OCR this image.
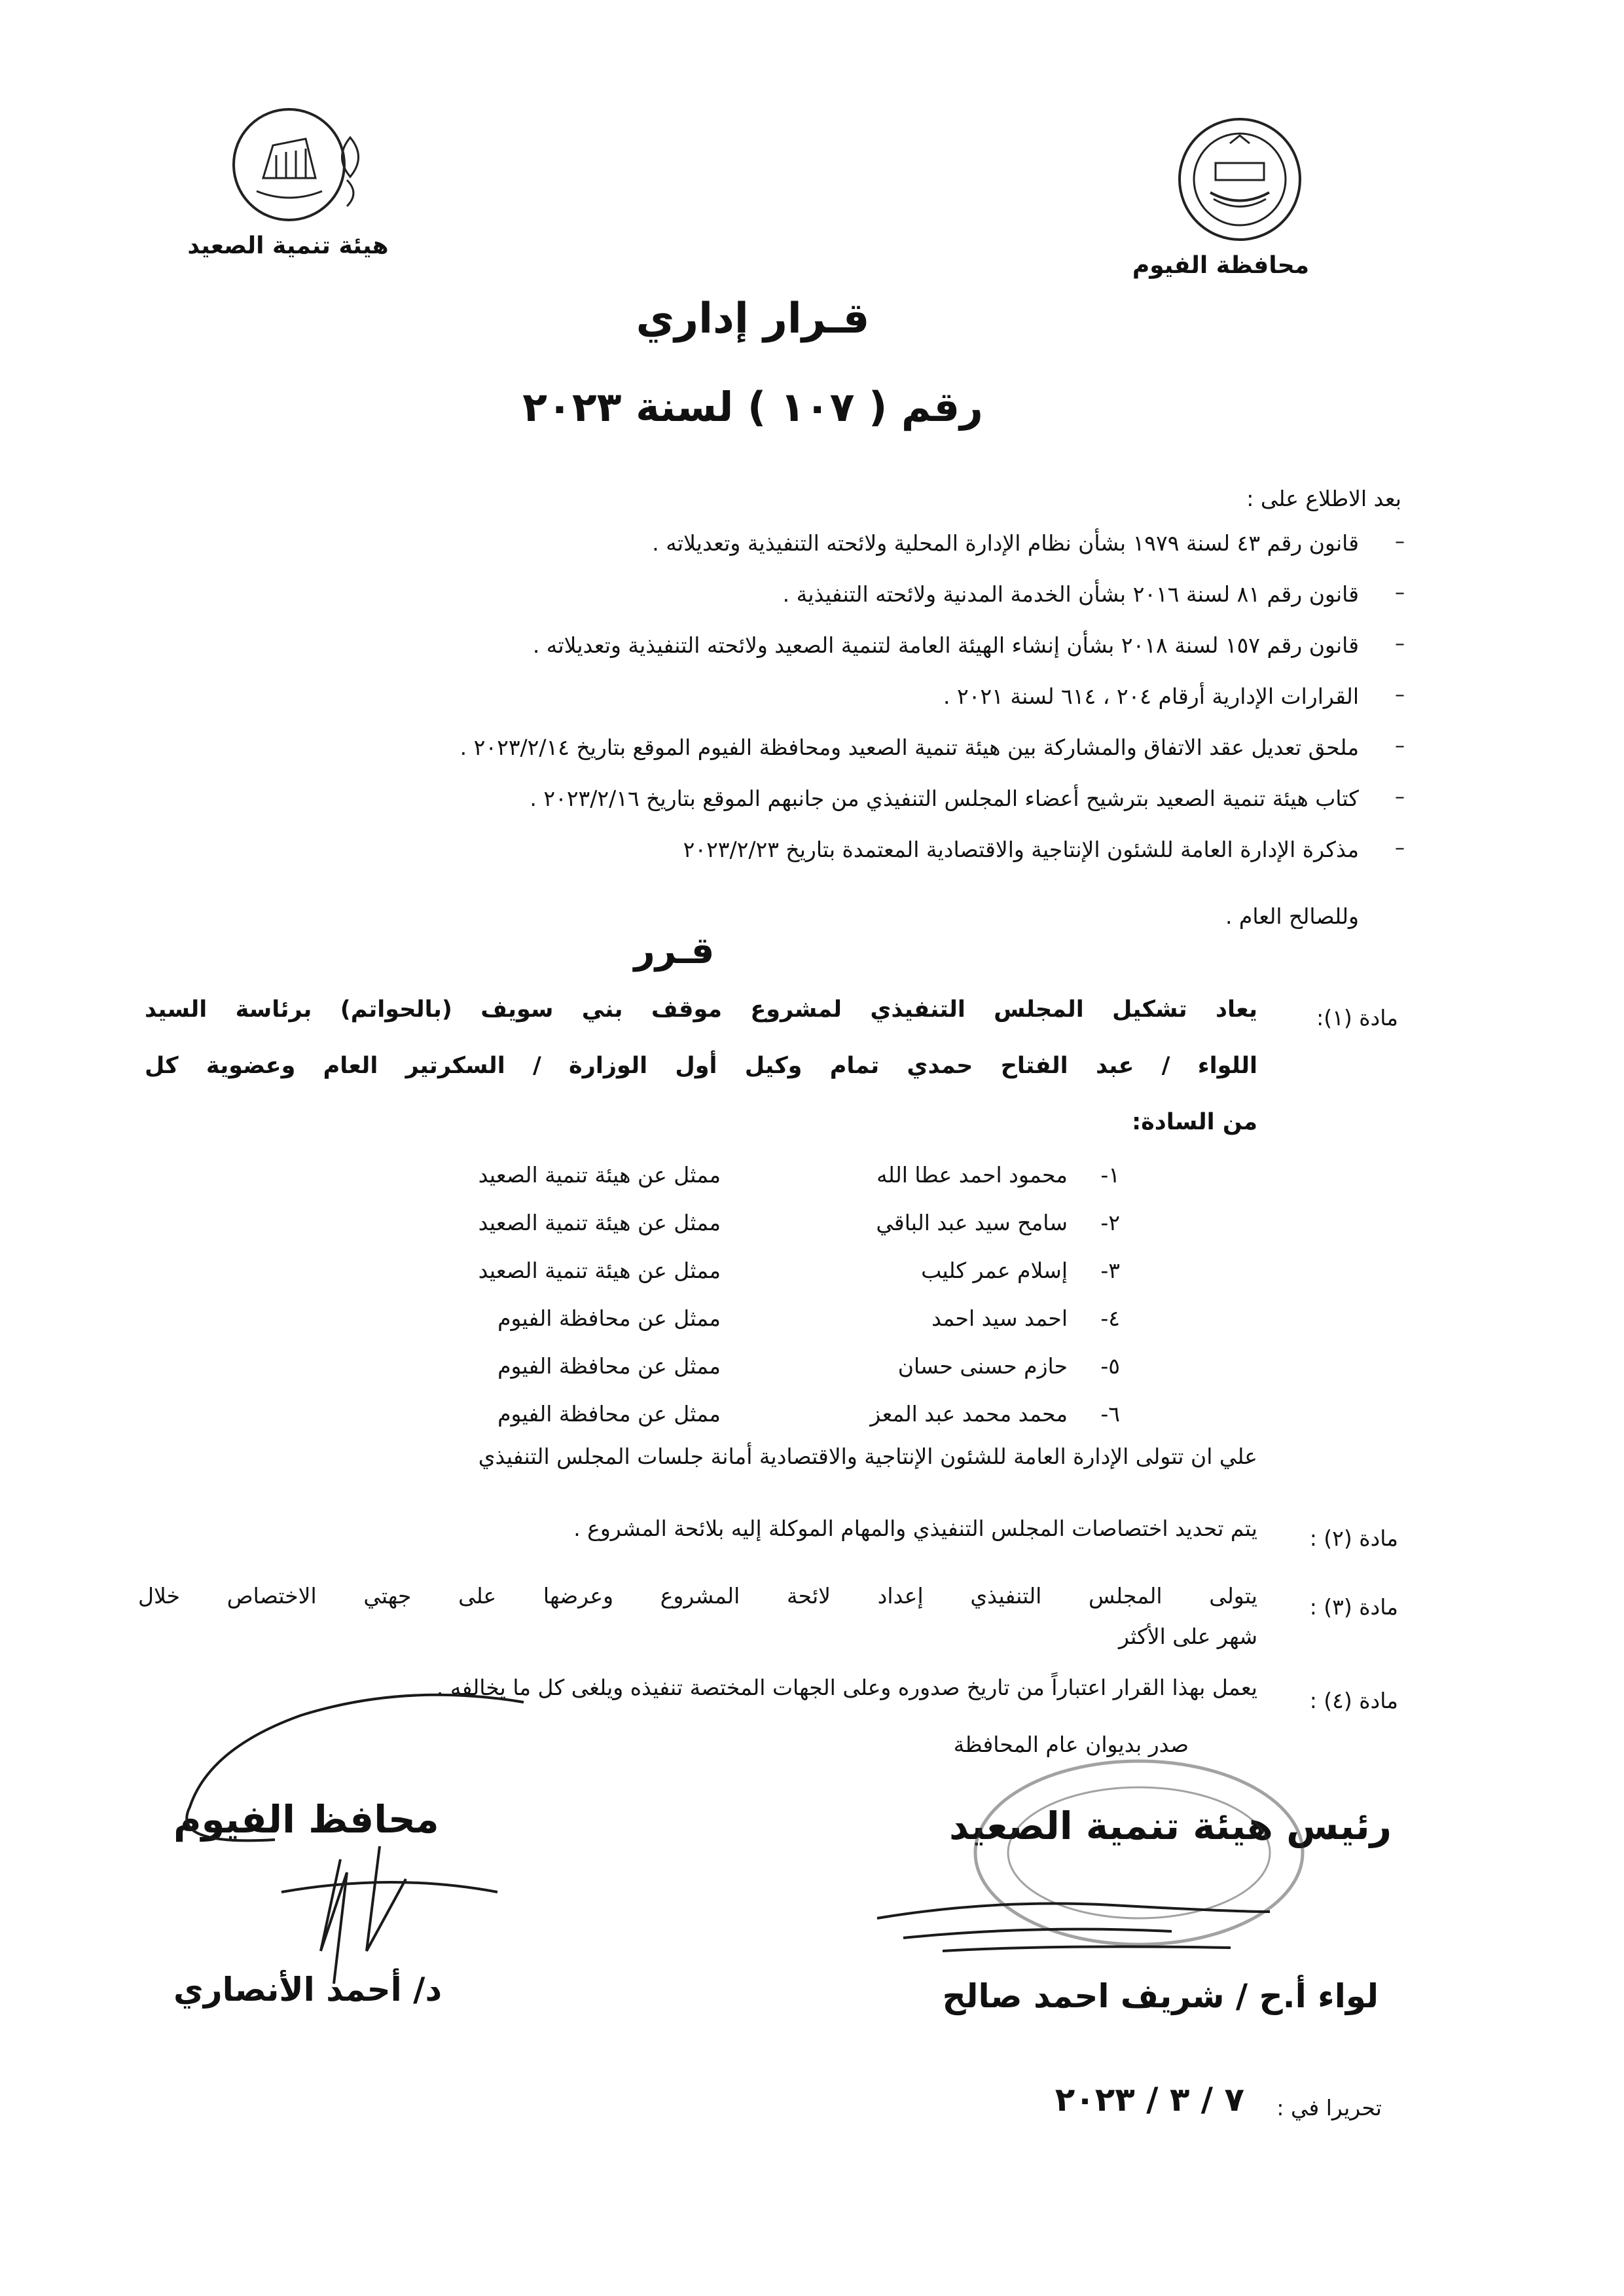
محافظة الفيوم
هيئة تنمية الصعيد
قـرار إداري
رقم ( ١٠٧ ) لسنة ٢٠٢٣
بعد الاطلاع على :
قانون رقم ٤٣ لسنة ١٩٧٩ بشأن نظام الإدارة المحلية ولائحته التنفيذية وتعديلاته .
قانون رقم ٨١ لسنة ٢٠١٦ بشأن الخدمة المدنية ولائحته التنفيذية .
قانون رقم ١٥٧ لسنة ٢٠١٨ بشأن إنشاء الهيئة العامة لتنمية الصعيد ولائحته التنفيذية وتعديلاته .
القرارات الإدارية أرقام ٢٠٤ ، ٦١٤ لسنة ٢٠٢١ .
ملحق تعديل عقد الاتفاق والمشاركة بين هيئة تنمية الصعيد ومحافظة الفيوم الموقع بتاريخ ٢٠٢٣/٢/١٤ .
كتاب هيئة تنمية الصعيد بترشيح أعضاء المجلس التنفيذي من جانبهم الموقع بتاريخ ٢٠٢٣/٢/١٦ .
مذكرة الإدارة العامة للشئون الإنتاجية والاقتصادية المعتمدة بتاريخ ٢٠٢٣/٢/٢٣
–
–
–
–
–
–
–
وللصالح العام .
قـرر
مادة (١):
يعاد تشكيل المجلس التنفيذي لمشروع موقف بني سويف (بالحواتم) برئاسة السيد
اللواء / عبد الفتاح حمدي تمام وكيل أول الوزارة / السكرتير العام وعضوية كل
من السادة:
١-
محمود احمد عطا الله
ممثل عن هيئة تنمية الصعيد
٢-
سامح سيد عبد الباقي
ممثل عن هيئة تنمية الصعيد
٣-
إسلام عمر كليب
ممثل عن هيئة تنمية الصعيد
٤-
احمد سيد احمد
ممثل عن محافظة الفيوم
٥-
حازم حسنى حسان
ممثل عن محافظة الفيوم
٦-
محمد محمد عبد المعز
ممثل عن محافظة الفيوم
علي ان تتولى الإدارة العامة للشئون الإنتاجية والاقتصادية أمانة جلسات المجلس التنفيذي
مادة (٢) :
يتم تحديد اختصاصات المجلس التنفيذي والمهام الموكلة إليه بلائحة المشروع .
مادة (٣) :
يتولى المجلس التنفيذي إعداد لائحة المشروع وعرضها على جهتي الاختصاص خلال
شهر على الأكثر
مادة (٤) :
يعمل بهذا القرار اعتباراً من تاريخ صدوره وعلى الجهات المختصة تنفيذه ويلغى كل ما يخالفه .
صدر بديوان عام المحافظة
رئيس هيئة تنمية الصعيد
لواء أ.ح / شريف احمد صالح
محافظ الفيوم
د/ أحمد الأنصاري
تحريرا في :
٧ / ٣ / ٢٠٢٣
